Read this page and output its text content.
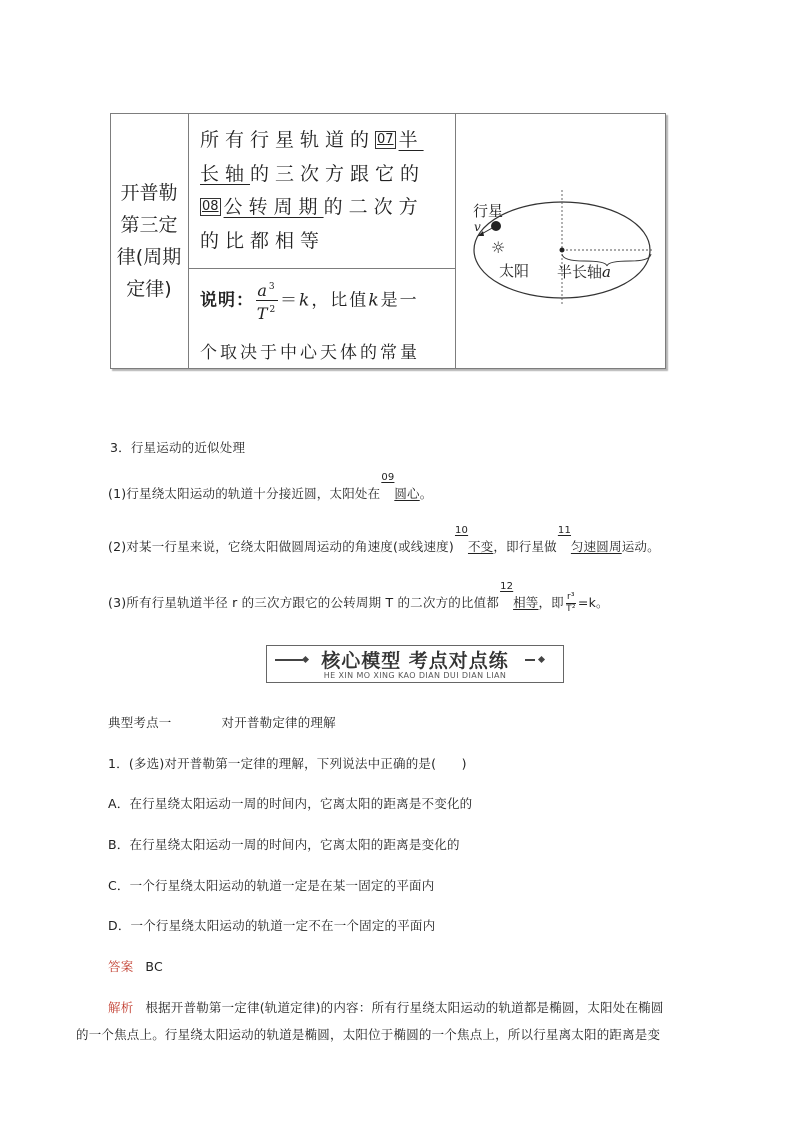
开普勒
第三定
律(周期
定律)
所有行星轨道的 07 半长轴的三次方跟它的08 公转周期的二次方的比都相等
说明： $\frac{a^3}{T^2} =k$，比值k是一
个取决于中心天体的常量
行星
v
☼
太阳 半长轴a
3．行星运动的近似处理
(1)行星绕太阳运动的轨道十分接近圆，太阳处在
09
圆心。
(2)对某一行星来说，它绕太阳做圆周运动的角速度(或线速度)
10
不变，即行星做
11
匀速圆周运动。
(3)所有行星轨道半径 r 的三次方跟它的公转周期 T 的二次方的比值都
12
相等，即 $\frac{\text{r³}}{\text{T²}} =k$。
核心模型 考点对点练
HE XIN MO XING KAO DIAN DUI DIAN LIAN
典型考点一	对开普勒定律的理解
1．(多选)对开普勒第一定律的理解，下列说法中正确的是(　　)
A．在行星绕太阳运动一周的时间内，它离太阳的距离是不变化的
B．在行星绕太阳运动一周的时间内，它离太阳的距离是变化的
C．一个行星绕太阳运动的轨道一定是在某一固定的平面内
D．一个行星绕太阳运动的轨道一定不在一个固定的平面内
答案 BC
解析 根据开普勒第一定律(轨道定律)的内容：所有行星绕太阳运动的轨道都是椭圆，太阳处在椭圆
的一个焦点上。行星绕太阳运动的轨道是椭圆，太阳位于椭圆的一个焦点上，所以行星离太阳的距离是变
